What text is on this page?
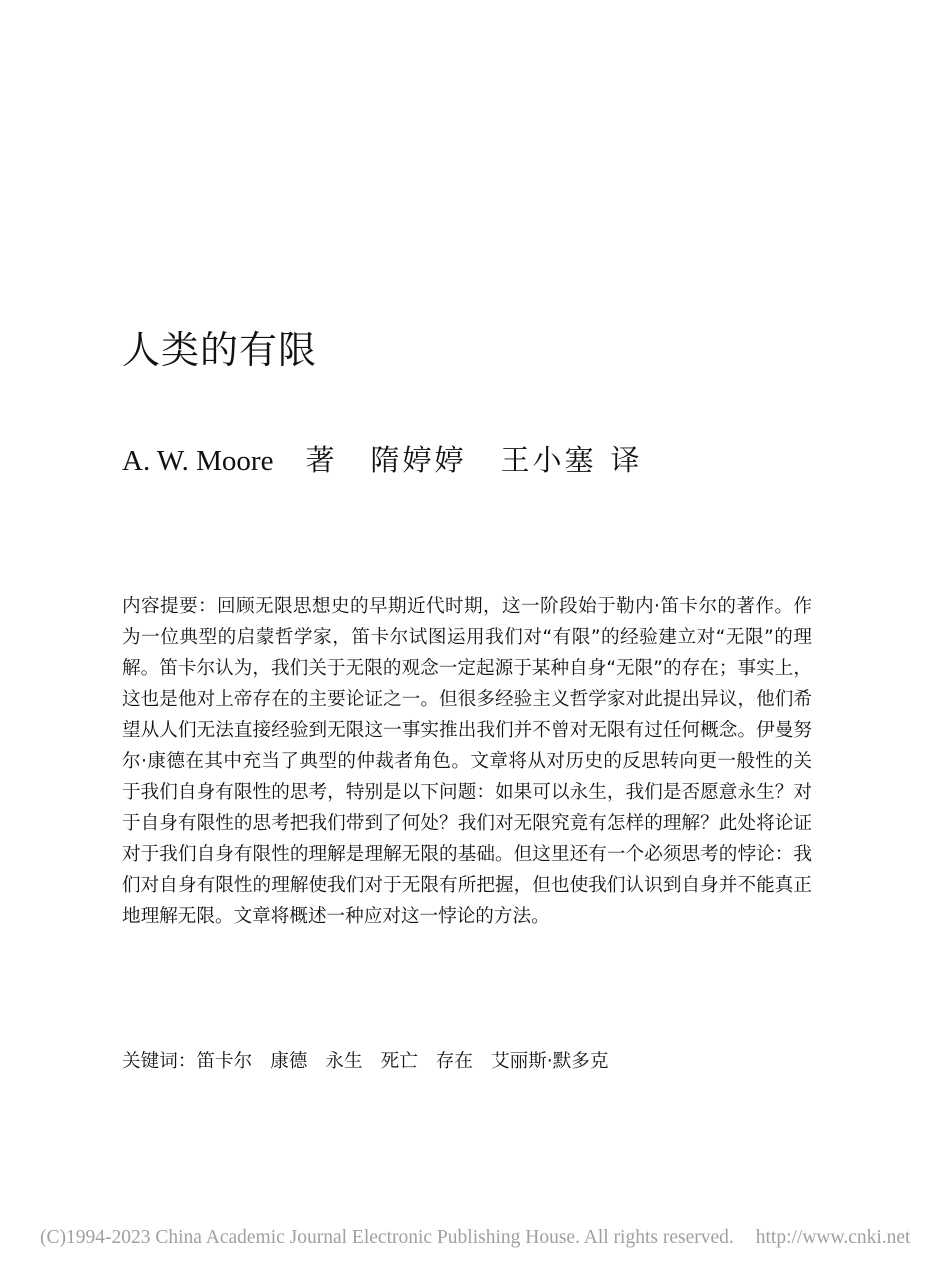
人类的有限
A. W. Moore 著 隋婷婷 王小塞 译

内容提要：回顾无限思想史的早期近代时期，这一阶段始于勒内·笛卡尔的著作。作为一位典型的启蒙哲学家，笛卡尔试图运用我们对“有限”的经验建立对“无限”的理解。笛卡尔认为，我们关于无限的观念一定起源于某种自身“无限”的存在；事实上，这也是他对上帝存在的主要论证之一。但很多经验主义哲学家对此提出异议，他们希望从人们无法直接经验到无限这一事实推出我们并不曾对无限有过任何概念。伊曼努尔·康德在其中充当了典型的仲裁者角色。文章将从对历史的反思转向更一般性的关于我们自身有限性的思考，特别是以下问题：如果可以永生，我们是否愿意永生？对于自身有限性的思考把我们带到了何处？我们对无限究竟有怎样的理解？此处将论证对于我们自身有限性的理解是理解无限的基础。但这里还有一个必须思考的悖论：我们对自身有限性的理解使我们对于无限有所把握，但也使我们认识到自身并不能真正地理解无限。文章将概述一种应对这一悖论的方法。

关键词：笛卡尔 康德 永生 死亡 存在 艾丽斯·默多克
(C)1994-2023 China Academic Journal Electronic Publishing House. All rights reserved. http://www.cnki.net
